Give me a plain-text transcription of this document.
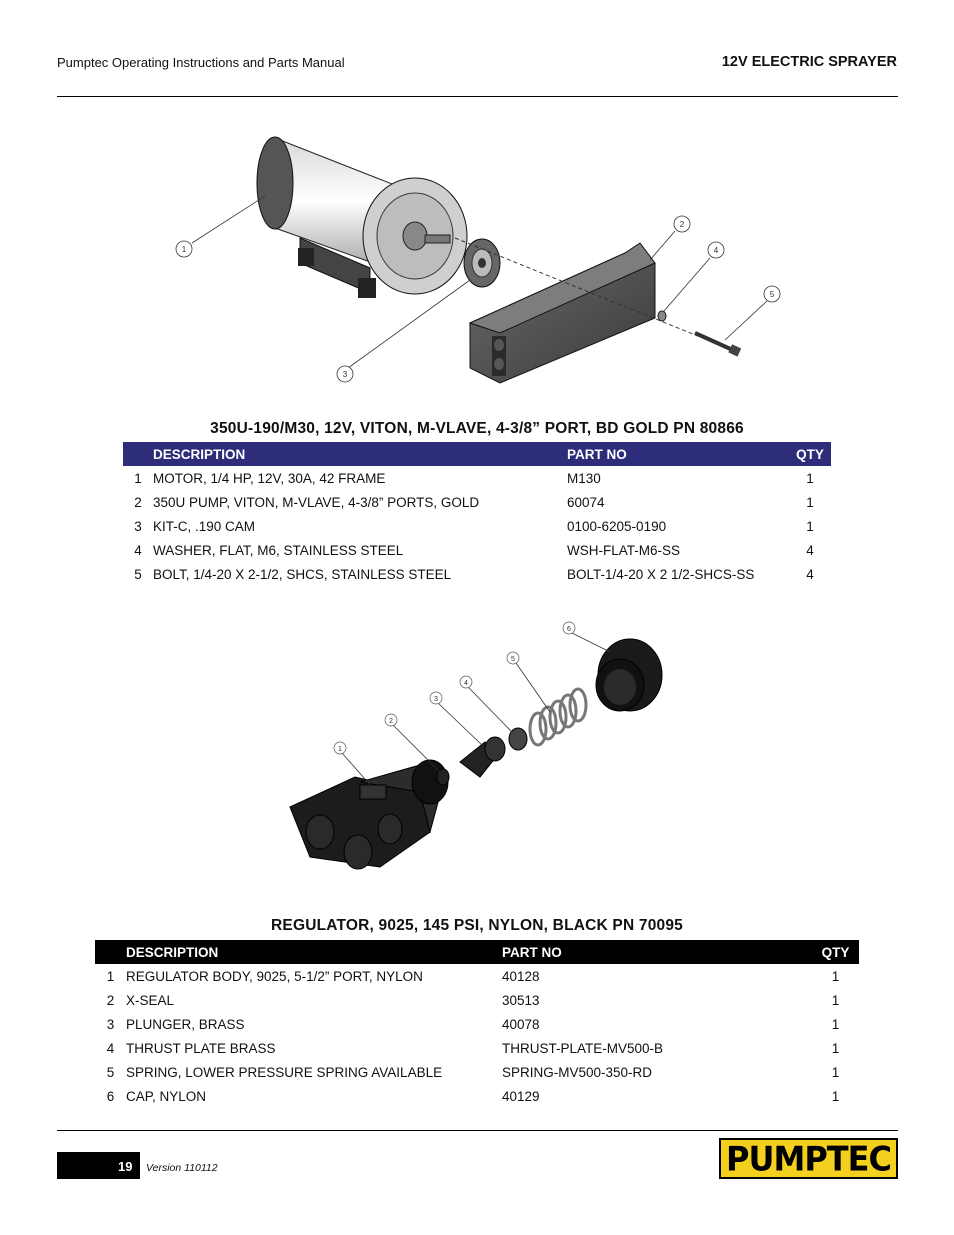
Pumptec Operating Instructions and Parts Manual	12V ELECTRIC SPRAYER
1
2
3
4
5
350U-190/M30, 12V, VITON, M-VLAVE, 4-3/8” PORT, BD GOLD PN 80866
	DESCRIPTION	PART NO	QTY
1	MOTOR, 1/4 HP, 12V, 30A, 42 FRAME	M130	1
2	350U PUMP, VITON, M-VLAVE, 4-3/8” PORTS, GOLD	60074	1
3	KIT-C, .190 CAM	0100-6205-0190	1
4	WASHER, FLAT, M6, STAINLESS STEEL	WSH-FLAT-M6-SS	4
5	BOLT, 1/4-20 X 2-1/2, SHCS, STAINLESS STEEL	BOLT-1/4-20 X 2 1/2-SHCS-SS	4
1
2
3
4
5
6
REGULATOR, 9025, 145 PSI, NYLON, BLACK PN 70095
	DESCRIPTION	PART NO	QTY
1	REGULATOR BODY, 9025, 5-1/2” PORT, NYLON	40128	1
2	X-SEAL	30513	1
3	PLUNGER, BRASS	40078	1
4	THRUST PLATE BRASS	THRUST-PLATE-MV500-B	1
5	SPRING, LOWER PRESSURE SPRING AVAILABLE	SPRING-MV500-350-RD	1
6	CAP, NYLON	40129	1
19 Version 110112	PUMPTEC
